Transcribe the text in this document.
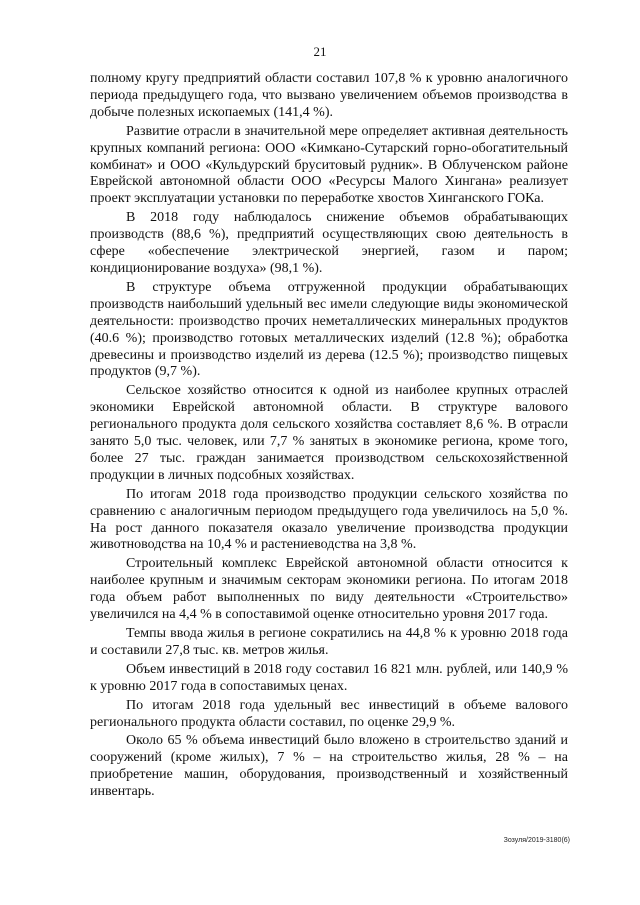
21

полному кругу предприятий области составил 107,8 % к уровню аналогичного периода предыдущего года, что вызвано увеличением объемов производства в добыче полезных ископаемых (141,4 %).

Развитие отрасли в значительной мере определяет активная деятельность крупных компаний региона: ООО «Кимкано-Сутарский горно-обогатительный комбинат» и ООО «Кульдурский бруситовый рудник». В Облученском районе Еврейской автономной области ООО «Ресурсы Малого Хингана» реализует проект эксплуатации установки по переработке хвостов Хинганского ГОКа.

В 2018 году наблюдалось снижение объемов обрабатывающих производств (88,6 %), предприятий осуществляющих свою деятельность в сфере «обеспечение электрической энергией, газом и паром; кондиционирование воздуха» (98,1 %).

В структуре объема отгруженной продукции обрабатывающих производств наибольший удельный вес имели следующие виды экономической деятельности: производство прочих неметаллических минеральных продуктов (40.6 %); производство готовых металлических изделий (12.8 %); обработка древесины и производство изделий из дерева (12.5 %); производство пищевых продуктов (9,7 %).

Сельское хозяйство относится к одной из наиболее крупных отраслей экономики Еврейской автономной области. В структуре валового регионального продукта доля сельского хозяйства составляет 8,6 %. В отрасли занято 5,0 тыс. человек, или 7,7 % занятых в экономике региона, кроме того, более 27 тыс. граждан занимается производством сельскохозяйственной продукции в личных подсобных хозяйствах.

По итогам 2018 года производство продукции сельского хозяйства по сравнению с аналогичным периодом предыдущего года увеличилось на 5,0 %. На рост данного показателя оказало увеличение производства продукции животноводства на 10,4 % и растениеводства на 3,8 %.

Строительный комплекс Еврейской автономной области относится к наиболее крупным и значимым секторам экономики региона. По итогам 2018 года объем работ выполненных по виду деятельности «Строительство» увеличился на 4,4 % в сопоставимой оценке относительно уровня 2017 года.

Темпы ввода жилья в регионе сократились на 44,8 % к уровню 2018 года и составили 27,8 тыс. кв. метров жилья.

Объем инвестиций в 2018 году составил 16 821 млн. рублей, или 140,9 % к уровню 2017 года в сопоставимых ценах.

По итогам 2018 года удельный вес инвестиций в объеме валового регионального продукта области составил, по оценке 29,9 %.

Около 65 % объема инвестиций было вложено в строительство зданий и сооружений (кроме жилых), 7 % – на строительство жилья, 28 % – на приобретение машин, оборудования, производственный и хозяйственный инвентарь.

Зозуля/2019-3180(6)
